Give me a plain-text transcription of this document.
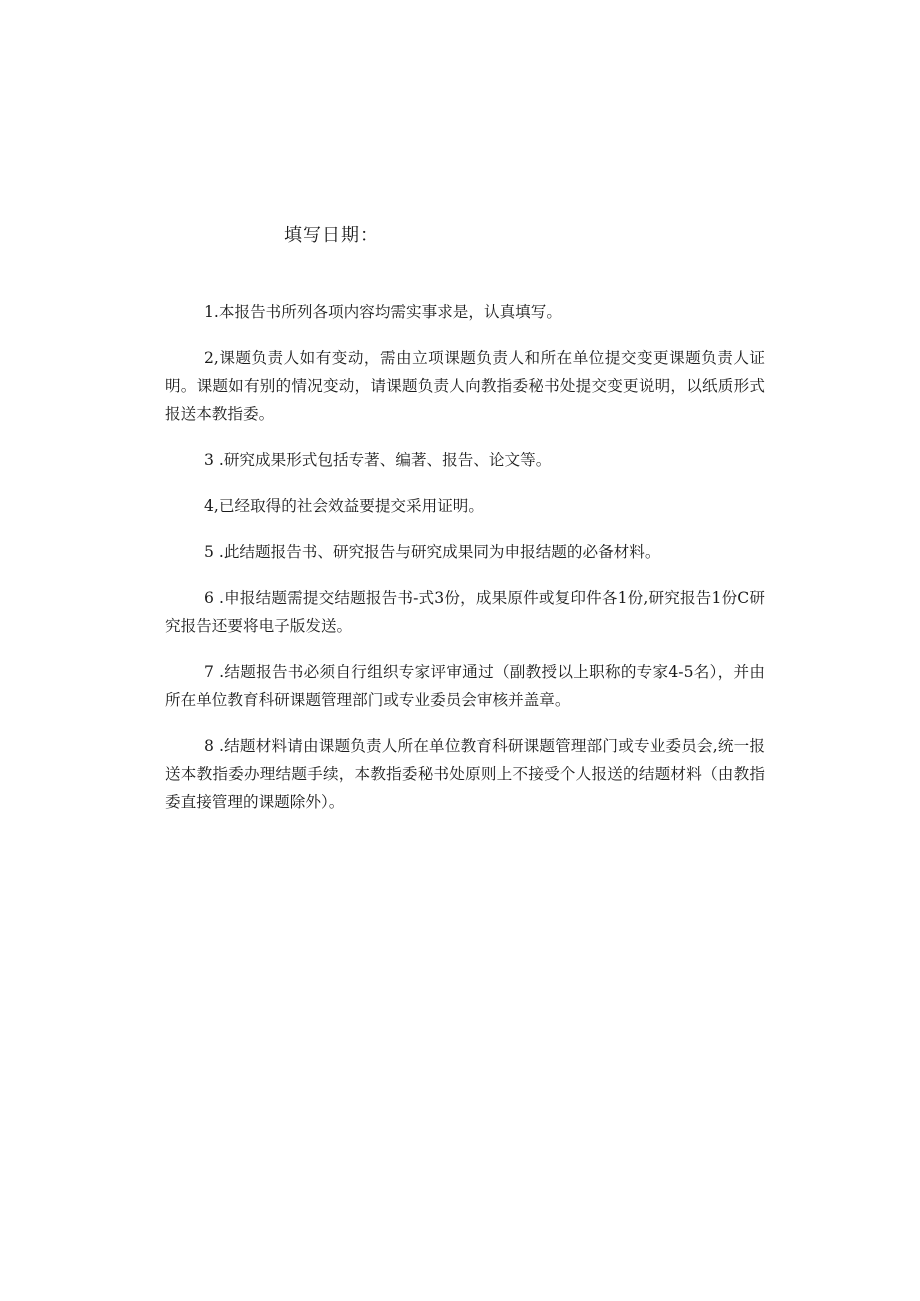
填写日期：

1.本报告书所列各项内容均需实事求是，认真填写。

2,课题负责人如有变动，需由立项课题负责人和所在单位提交变更课题负责人证明。课题如有别的情况变动，请课题负责人向教指委秘书处提交变更说明，以纸质形式报送本教指委。

3 .研究成果形式包括专著、编著、报告、论文等。

4,已经取得的社会效益要提交采用证明。

5 .此结题报告书、研究报告与研究成果同为申报结题的必备材料。

6 .申报结题需提交结题报告书-式3份，成果原件或复印件各1份,研究报告1份C研究报告还要将电子版发送。

7 .结题报告书必须自行组织专家评审通过（副教授以上职称的专家4-5名），并由所在单位教育科研课题管理部门或专业委员会审核并盖章。

8 .结题材料请由课题负责人所在单位教育科研课题管理部门或专业委员会,统一报送本教指委办理结题手续，本教指委秘书处原则上不接受个人报送的结题材料（由教指委直接管理的课题除外）。
